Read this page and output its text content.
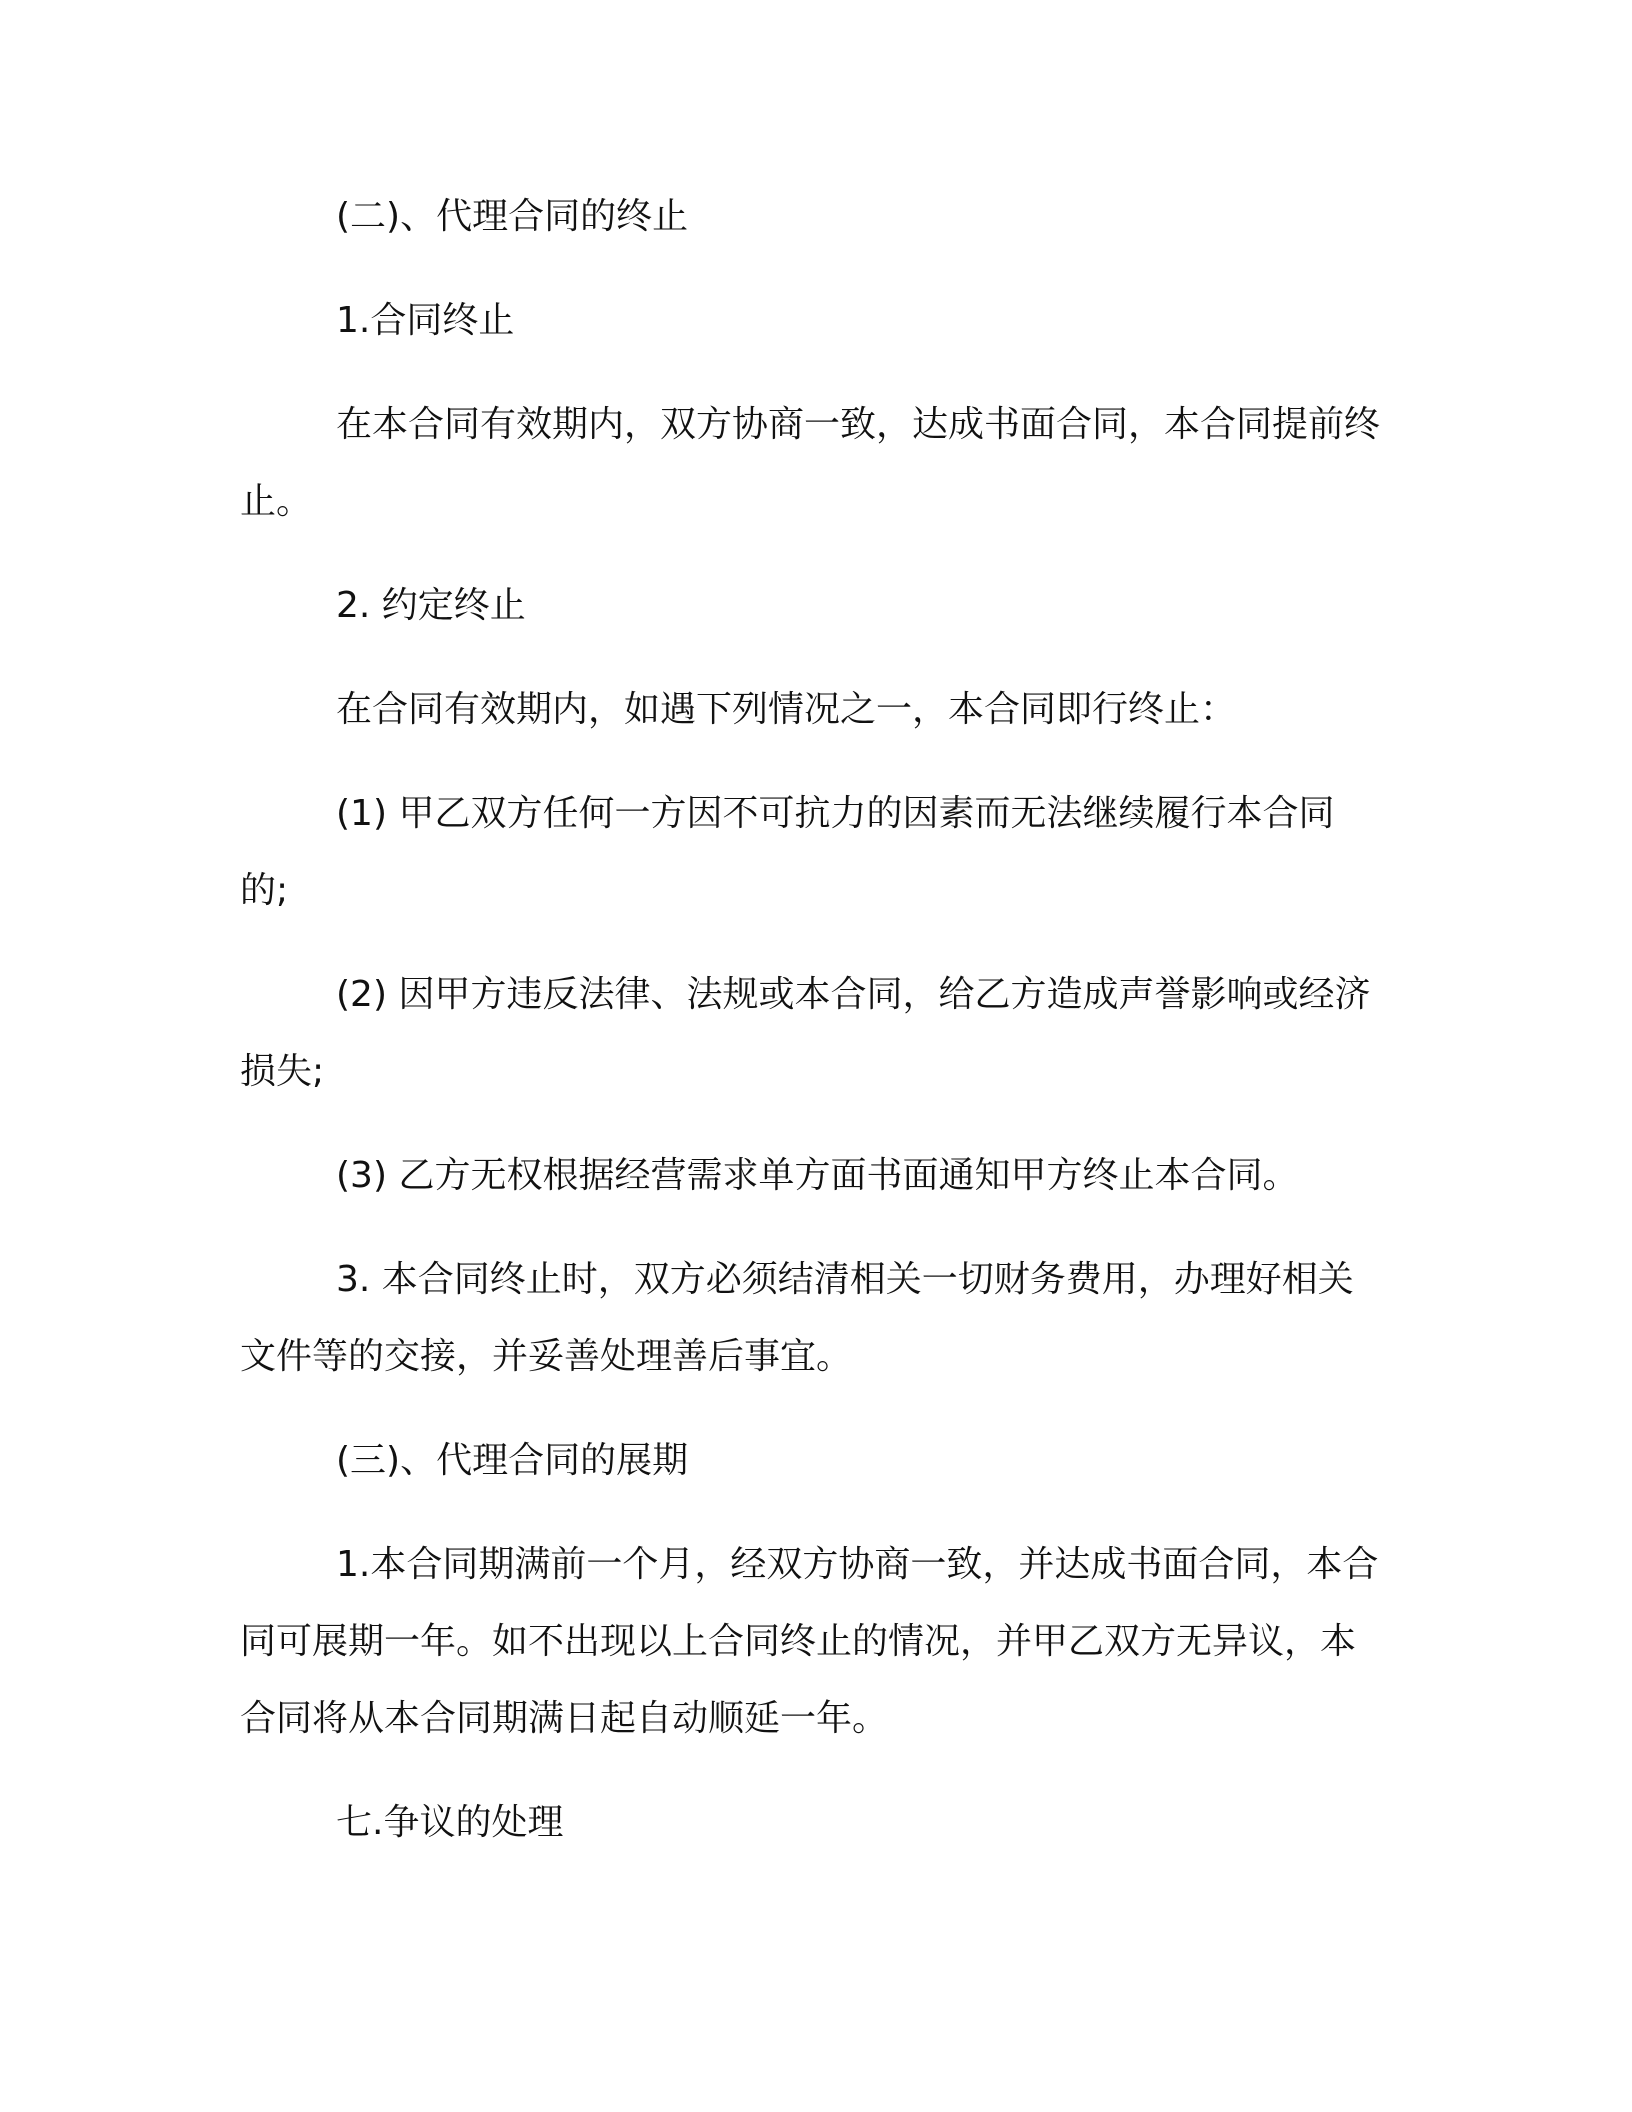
(二)、代理合同的终止

1.合同终止

在本合同有效期内，双方协商一致，达成书面合同，本合同提前终止。

2. 约定终止

在合同有效期内，如遇下列情况之一，本合同即行终止：

(1) 甲乙双方任何一方因不可抗力的因素而无法继续履行本合同的;

(2) 因甲方违反法律、法规或本合同，给乙方造成声誉影响或经济损失;

(3) 乙方无权根据经营需求单方面书面通知甲方终止本合同。

3. 本合同终止时，双方必须结清相关一切财务费用，办理好相关文件等的交接，并妥善处理善后事宜。

(三)、代理合同的展期

1.本合同期满前一个月，经双方协商一致，并达成书面合同，本合同可展期一年。如不出现以上合同终止的情况，并甲乙双方无异议，本合同将从本合同期满日起自动顺延一年。

七.争议的处理
